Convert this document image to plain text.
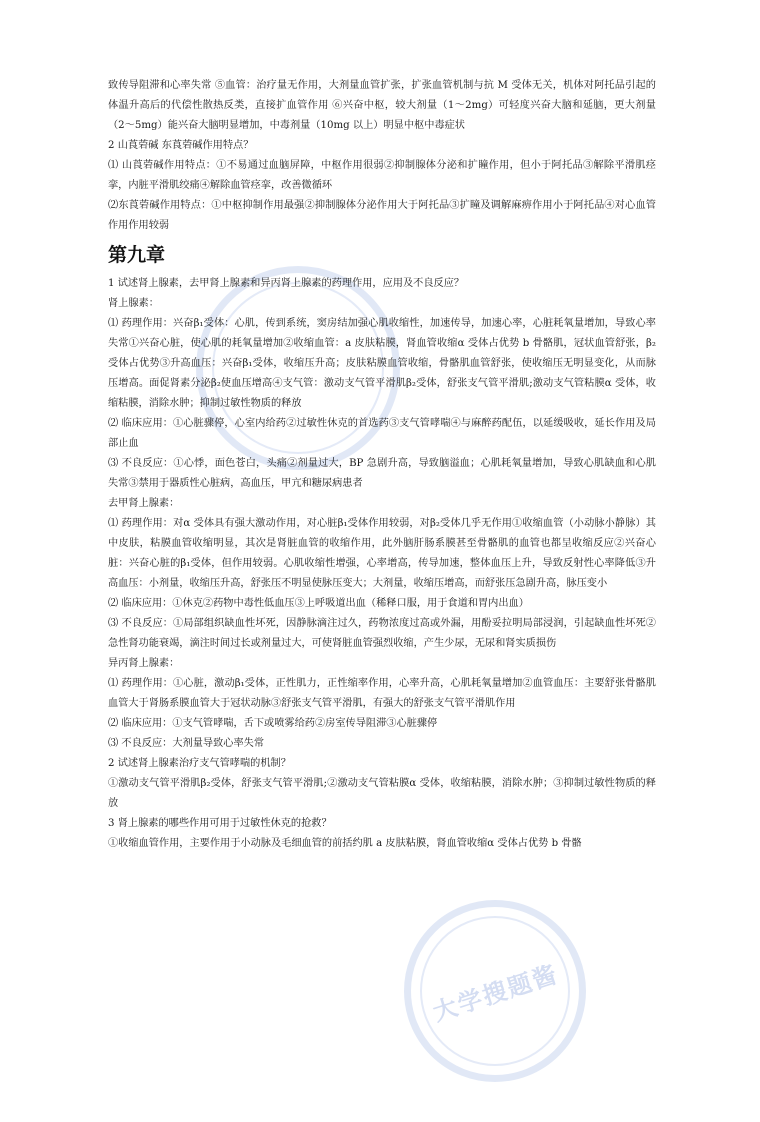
大学搜题酱

致传导阻滞和心率失常 ⑤血管：治疗量无作用，大剂量血管扩张，扩张血管机制与抗 M 受体无关，机体对阿托品引起的体温升高后的代偿性散热反类，直接扩血管作用 ⑥兴奋中枢，较大剂量（1～2mg）可轻度兴奋大脑和延脑，更大剂量（2～5mg）能兴奋大脑明显增加，中毒剂量（10mg 以上）明显中枢中毒症状

2 山莨菪碱 东莨菪碱作用特点？

⑴ 山莨菪碱作用特点：①不易通过血脑屏障，中枢作用很弱②抑制腺体分泌和扩瞳作用，但小于阿托品③解除平滑肌痉挛，内脏平滑肌绞痛④解除血管痉挛，改善微循环

⑵东莨菪碱作用特点：①中枢抑制作用最强②抑制腺体分泌作用大于阿托品③扩瞳及调解麻痹作用小于阿托品④对心血管作用作用较弱

第九章

1 试述肾上腺素，去甲肾上腺素和异丙肾上腺素的药理作用，应用及不良反应？

肾上腺素：

⑴ 药理作用：兴奋β₁受体：心肌，传到系统，窦房结加强心肌收缩性，加速传导，加速心率，心脏耗氧量增加，导致心率失常①兴奋心脏，使心肌的耗氧量增加②收缩血管：a 皮肤粘膜，肾血管收缩α 受体占优势 b 骨骼肌，冠状血管舒张，β₂受体占优势③升高血压：兴奋β₁受体，收缩压升高；皮肤粘膜血管收缩，骨骼肌血管舒张，使收缩压无明显变化，从而脉压增高。面促肾素分泌β₂使血压增高④支气管：激动支气管平滑肌β₂受体，舒张支气管平滑肌;激动支气管粘膜α 受体，收缩粘膜，消除水肿；抑制过敏性物质的释放

⑵ 临床应用：①心脏骤停，心室内给药②过敏性休克的首选药③支气管哮喘④与麻醉药配伍，以延缓吸收，延长作用及局部止血

⑶ 不良反应：①心悸，面色苍白，头痛②剂量过大，BP 急剧升高，导致脑溢血；心肌耗氧量增加，导致心肌缺血和心肌失常③禁用于器质性心脏病，高血压，甲亢和糖尿病患者

去甲肾上腺素：

⑴ 药理作用：对α 受体具有强大激动作用，对心脏β₁受体作用较弱，对β₂受体几乎无作用①收缩血管（小动脉小静脉）其中皮肤，粘膜血管收缩明显，其次是肾脏血管的收缩作用，此外脑肝肠系膜甚至骨骼肌的血管也都呈收缩反应②兴奋心脏：兴奋心脏的β₁受体，但作用较弱。心肌收缩性增强，心率增高，传导加速，整体血压上升，导致反射性心率降低③升高血压：小剂量，收缩压升高，舒张压不明显使脉压变大；大剂量，收缩压增高，而舒张压急剧升高，脉压变小

⑵ 临床应用：①休克②药物中毒性低血压③上呼吸道出血（稀释口服，用于食道和胃内出血）

⑶ 不良反应：①局部组织缺血性坏死，因静脉滴注过久，药物浓度过高或外漏，用酚妥拉明局部浸润，引起缺血性坏死②急性肾功能衰竭，滴注时间过长或剂量过大，可使肾脏血管强烈收缩，产生少尿，无尿和肾实质损伤

异丙肾上腺素：

⑴ 药理作用：①心脏，激动β₁受体，正性肌力，正性缩率作用，心率升高，心肌耗氧量增加②血管血压：主要舒张骨骼肌血管大于肾肠系膜血管大于冠状动脉③舒张支气管平滑肌，有强大的舒张支气管平滑肌作用

⑵ 临床应用：①支气管哮喘，舌下或喷雾给药②房室传导阻滞③心脏骤停

⑶ 不良反应：大剂量导致心率失常

2 试述肾上腺素治疗支气管哮喘的机制？

①激动支气管平滑肌β₂受体，舒张支气管平滑肌;②激动支气管粘膜α 受体，收缩粘膜，消除水肿；③抑制过敏性物质的释放

3 肾上腺素的哪些作用可用于过敏性休克的抢救？

①收缩血管作用，主要作用于小动脉及毛细血管的前括约肌 a 皮肤粘膜，肾血管收缩α 受体占优势 b 骨骼
